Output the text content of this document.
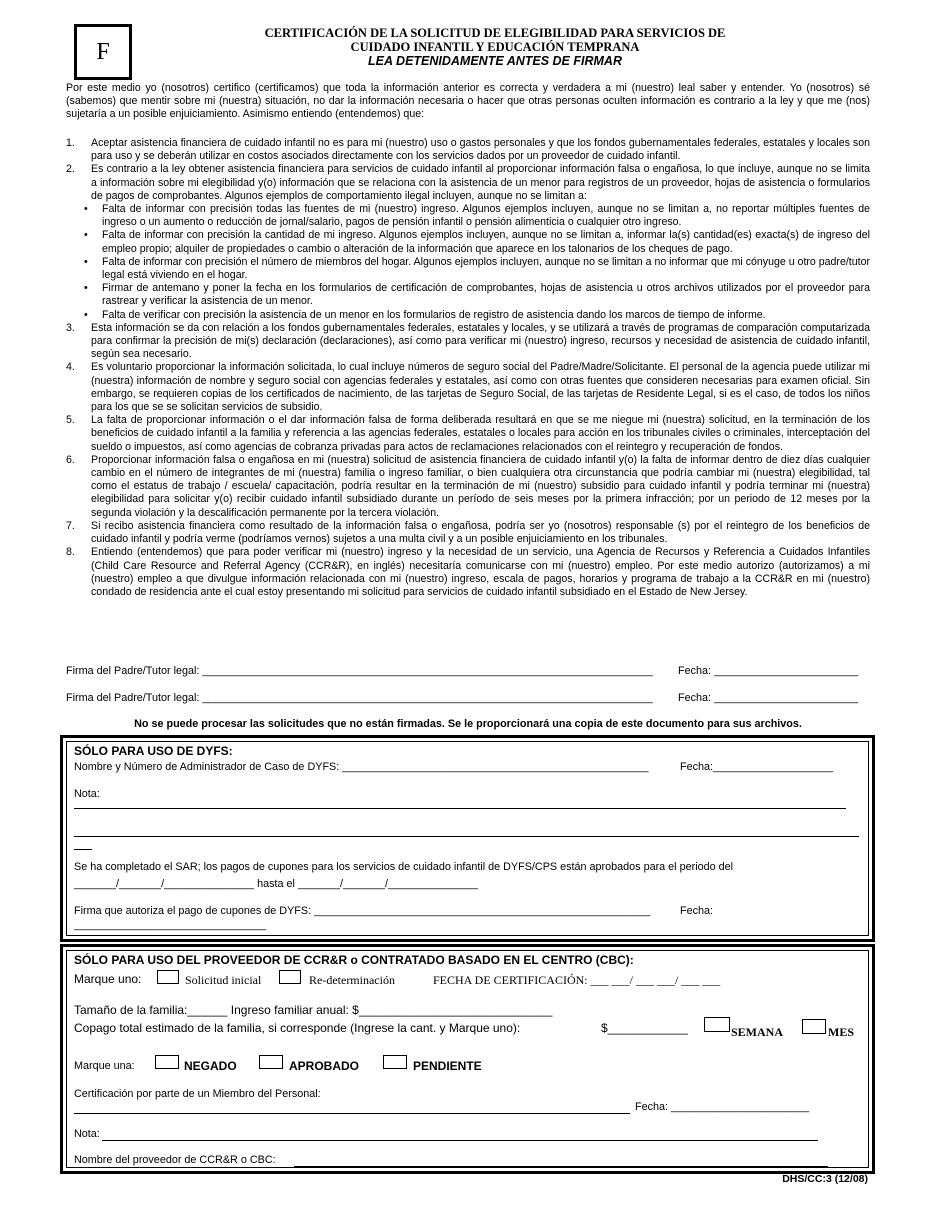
F
CERTIFICACIÓN DE LA SOLICITUD DE ELEGIBILIDAD PARA SERVICIOS DE
CUIDADO INFANTIL Y EDUCACIÓN TEMPRANA
LEA DETENIDAMENTE ANTES DE FIRMAR
Por este medio yo (nosotros) certifico (certificamos) que toda la información anterior es correcta y verdadera a mi (nuestro) leal saber y entender. Yo (nosotros) sé (sabemos) que mentir sobre mi (nuestra) situación, no dar la información necesaria o hacer que otras personas oculten información es contrario a la ley y que me (nos) sujetaría a un posible enjuiciamiento. Asimismo entiendo (entendemos) que:
1. Aceptar asistencia financiera de cuidado infantil no es para mi (nuestro) uso o gastos personales y que los fondos gubernamentales federales, estatales y locales son para uso y se deberán utilizar en costos asociados directamente con los servicios dados por un proveedor de cuidado infantil.
2. Es contrario a la ley obtener asistencia financiera para servicios de cuidado infantil al proporcionar información falsa o engañosa, lo que incluye, aunque no se limita a información sobre mi elegibilidad y(o) información que se relaciona con la asistencia de un menor para registros de un proveedor, hojas de asistencia o formularios de pagos de comprobantes. Algunos ejemplos de comportamiento ilegal incluyen, aunque no se limitan a:
• Falta de informar con precisión todas las fuentes de mi (nuestro) ingreso. Algunos ejemplos incluyen, aunque no se limitan a, no reportar múltiples fuentes de ingreso o un aumento o reducción de jornal/salario, pagos de pensión infantil o pensión alimenticia o cualquier otro ingreso.
• Falta de informar con precisión la cantidad de mi ingreso. Algunos ejemplos incluyen, aunque no se limitan a, informar la(s) cantidad(es) exacta(s) de ingreso del empleo propio; alquiler de propiedades o cambio o alteración de la información que aparece en los talonarios de los cheques de pago.
• Falta de informar con precisión el número de miembros del hogar. Algunos ejemplos incluyen, aunque no se limitan a no informar que mi cónyuge u otro padre/tutor legal está viviendo en el hogar.
• Firmar de antemano y poner la fecha en los formularios de certificación de comprobantes, hojas de asistencia u otros archivos utilizados por el proveedor para rastrear y verificar la asistencia de un menor.
• Falta de verificar con precisión la asistencia de un menor en los formularios de registro de asistencia dando los marcos de tiempo de informe.
3. Esta información se da con relación a los fondos gubernamentales federales, estatales y locales, y se utilizará a través de programas de comparación computarizada para confirmar la precisión de mi(s) declaración (declaraciones), así como para verificar mi (nuestro) ingreso, recursos y necesidad de asistencia de cuidado infantil, según sea necesario.
4. Es voluntario proporcionar la información solicitada, lo cual incluye números de seguro social del Padre/Madre/Solicitante. El personal de la agencia puede utilizar mi (nuestra) información de nombre y seguro social con agencias federales y estatales, así como con otras fuentes que consideren necesarias para examen oficial. Sin embargo, se requieren copias de los certificados de nacimiento, de las tarjetas de Seguro Social, de las tarjetas de Residente Legal, si es el caso, de todos los niños para los que se se solicitan servicios de subsidio.
5. La falta de proporcionar información o el dar información falsa de forma deliberada resultará en que se me niegue mi (nuestra) solicitud, en la terminación de los beneficios de cuidado infantil a la familia y referencia a las agencias federales, estatales o locales para acción en los tribunales civiles o criminales, interceptación del sueldo o impuestos, así como agencias de cobranza privadas para actos de reclamaciones relacionados con el reintegro y recuperación de fondos.
6. Proporcionar información falsa o engañosa en mi (nuestra) solicitud de asistencia financiera de cuidado infantil y(o) la falta de informar dentro de diez días cualquier cambio en el número de integrantes de mi (nuestra) familia o ingreso familiar, o bien cualquiera otra circunstancia que podría cambiar mi (nuestra) elegibilidad, tal como el estatus de trabajo / escuela/ capacitación, podría resultar en la terminación de mi (nuestro) subsidio para cuidado infantil y podría terminar mi (nuestra) elegibilidad para solicitar y(o) recibir cuidado infantil subsidiado durante un período de seis meses por la primera infracción; por un periodo de 12 meses por la segunda violación y la descalificación permanente por la tercera violación.
7. Si recibo asistencia financiera como resultado de la información falsa o engañosa, podría ser yo (nosotros) responsable (s) por el reintegro de los beneficios de cuidado infantil y podría verme (podríamos vernos) sujetos a una multa civil y a un posible enjuiciamiento en los tribunales.
8. Entiendo (entendemos) que para poder verificar mi (nuestro) ingreso y la necesidad de un servicio, una Agencia de Recursos y Referencia a Cuidados Infantiles (Child Care Resource and Referral Agency (CCR&R), en inglés) necesitaría comunicarse con mi (nuestro) empleo. Por este medio autorizo (autorizamos) a mi (nuestro) empleo a que divulgue información relacionada con mi (nuestro) ingreso, escala de pagos, horarios y programa de trabajo a la CCR&R en mi (nuestro) condado de residencia ante el cual estoy presentando mi solicitud para servicios de cuidado infantil subsidiado en el Estado de New Jersey.
Firma del Padre/Tutor legal: ___________________________________________________________________________ Fecha: ________________________
Firma del Padre/Tutor legal: ___________________________________________________________________________ Fecha: ________________________
No se puede procesar las solicitudes que no están firmadas. Se le proporcionará una copia de este documento para sus archivos.
SÓLO PARA USO DE DYFS:
Nombre y Número de Administrador de Caso de DYFS: ___________________________________________________	Fecha:____________________
Nota:
Se ha completado el SAR; los pagos de cupones para los servicios de cuidado infantil de DYFS/CPS están aprobados para el periodo del
_______/_______/_______________ hasta el _______/_______/_______________
Firma que autoriza el pago de cupones de DYFS: ________________________________________________________	Fecha:
________________________________
SÓLO PARA USO DEL PROVEEDOR DE CCR&R o CONTRATADO BASADO EN EL CENTRO (CBC):
Marque uno:	Solicitud inicial	Re-determinación	FECHA DE CERTIFICACIÓN: ___ ___/ ___ ___/ ___ ___
Tamaño de la familia:______ Ingreso familiar anual: $_____________________________
Copago total estimado de la familia, si corresponde (Ingrese la cant. y Marque uno):	$____________	SEMANA	MES
Marque una:	NEGADO	APROBADO	PENDIENTE
Certificación por parte de un Miembro del Personal:
Fecha: _______________________
Nota:
Nombre del proveedor de CCR&R o CBC:
DHS/CC:3 (12/08)
